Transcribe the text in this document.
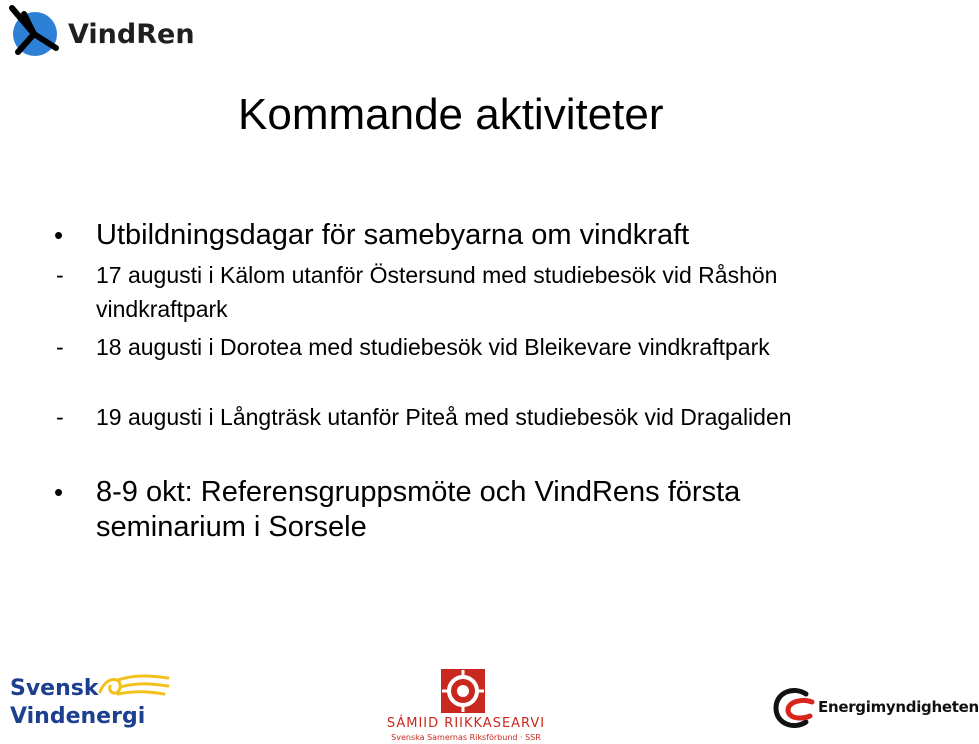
VindRen
Kommande aktiviteter
• Utbildningsdagar för samebyarna om vindkraft
- 17 augusti i Kälom utanför Östersund med studiebesök vid Råshön vindkraftpark
- 18 augusti i Dorotea med studiebesök vid Bleikevare vindkraftpark
- 19 augusti i Långträsk utanför Piteå med studiebesök vid Dragaliden
• 8-9 okt: Referensgruppsmöte och VindRens första seminarium i Sorsele
Svensk
Vindenergi	SÁMIID RIIKKASEARVI
Svenska Samernas Riksförbund · SSR
Energimyndigheten
